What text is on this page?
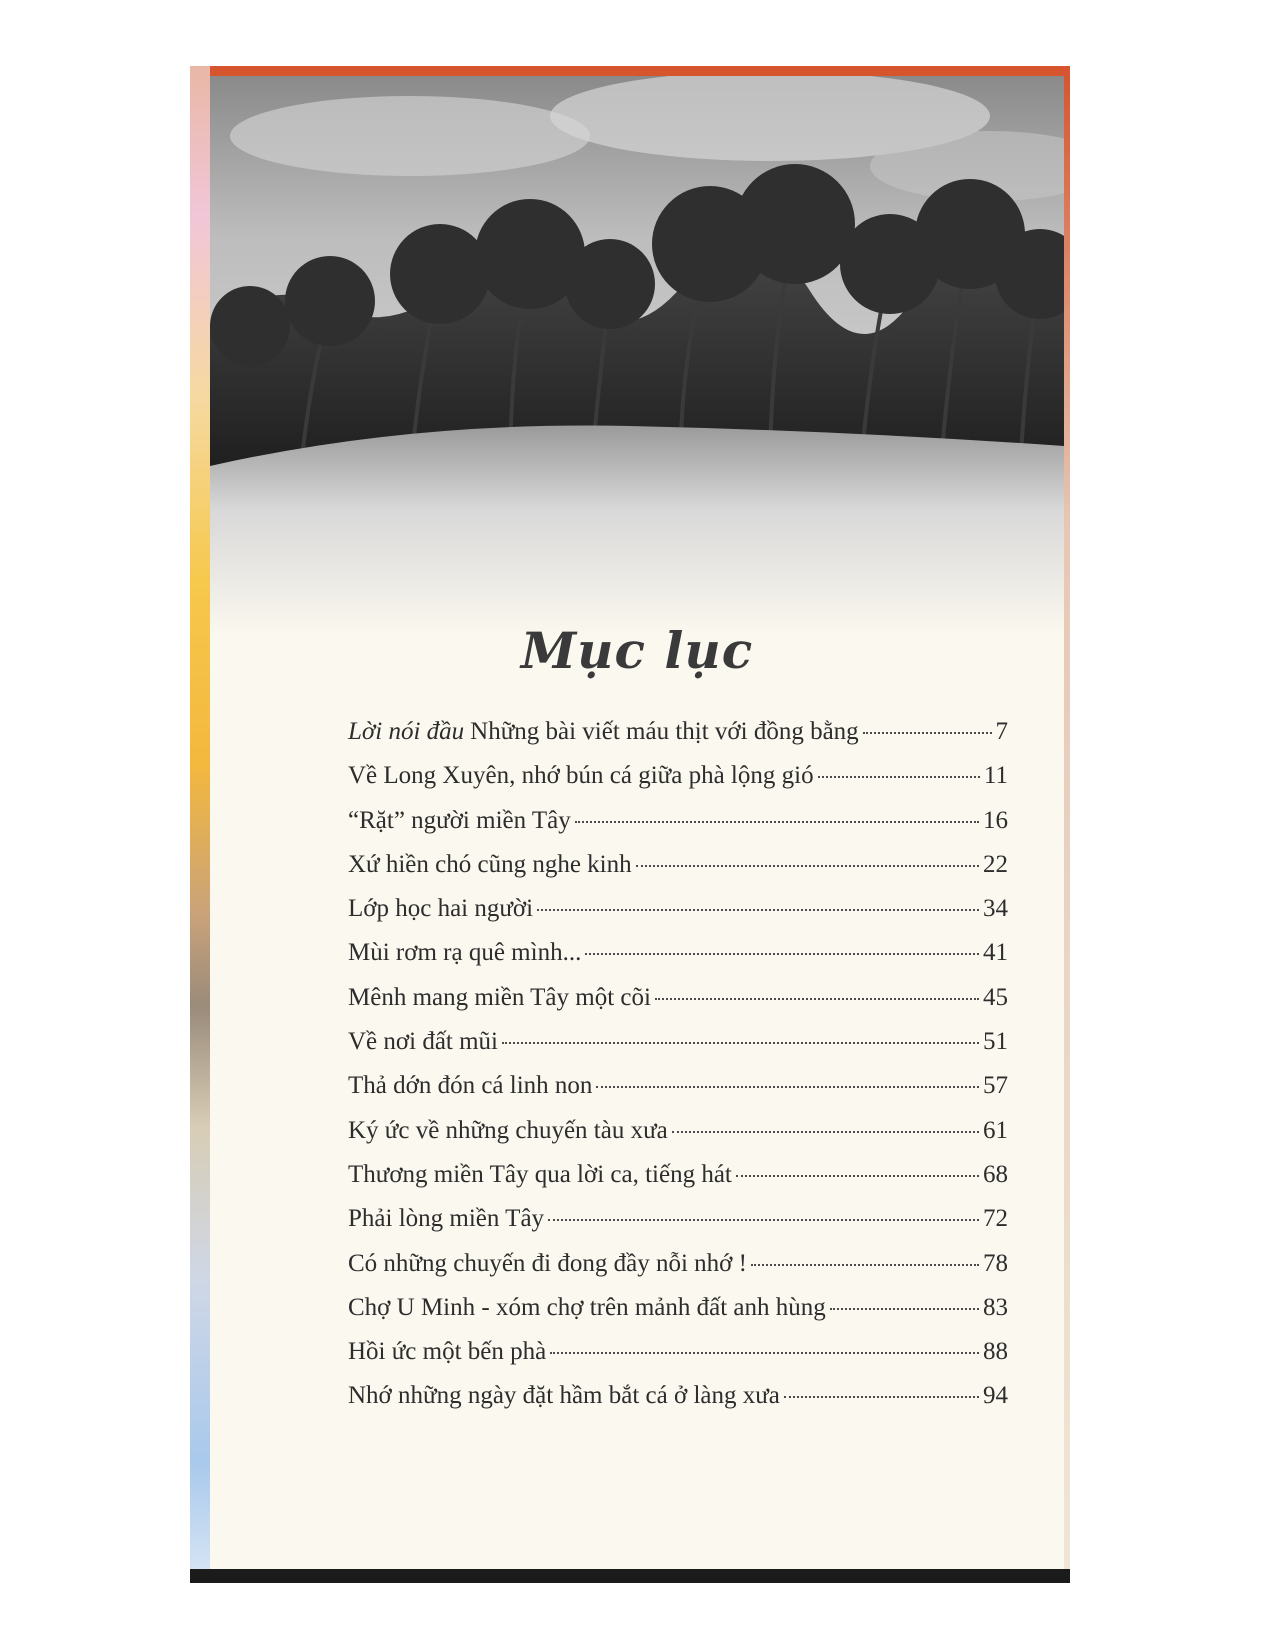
Mục lục
Lời nói đầu Những bài viết máu thịt với đồng bằng	7
Về Long Xuyên, nhớ bún cá giữa phà lộng gió	11
“Rặt” người miền Tây	16
Xứ hiền chó cũng nghe kinh	22
Lớp học hai người	34
Mùi rơm rạ quê mình...	41
Mênh mang miền Tây một cõi	45
Về nơi đất mũi	51
Thả dớn đón cá linh non	57
Ký ức về những chuyến tàu xưa	61
Thương miền Tây qua lời ca, tiếng hát	68
Phải lòng miền Tây	72
Có những chuyến đi đong đầy nỗi nhớ !	78
Chợ U Minh - xóm chợ trên mảnh đất anh hùng	83
Hồi ức một bến phà	88
Nhớ những ngày đặt hầm bắt cá ở làng xưa	94
